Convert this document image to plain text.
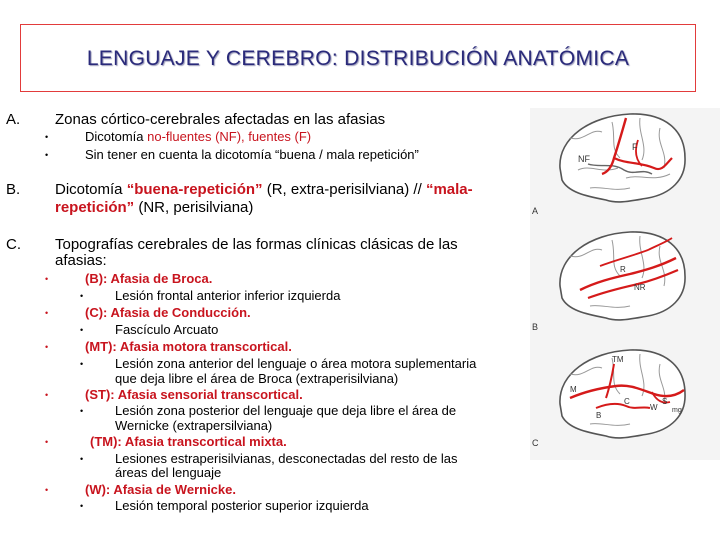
LENGUAJE Y CEREBRO: DISTRIBUCIÓN ANATÓMICA
A. Zonas córtico-cerebrales afectadas en las afasias
•	Dicotomía no-fluentes (NF), fuentes (F)
•	Sin tener en cuenta la dicotomía “buena / mala repetición”
B. Dicotomía “buena-repetición” (R, extra-perisilviana) // “mala-
repetición” (NR, perisilviana)
C. Topografías cerebrales de las formas clínicas clásicas de las
afasias:
•	(B): Afasia de Broca.
• Lesión frontal anterior inferior izquierda
•	(C): Afasia de Conducción.
• Fascículo Arcuato
•	(MT): Afasia motora transcortical.
• Lesión zona anterior del lenguaje o área motora suplementaria
que deja libre el área de Broca (extraperisilviana)
•	(ST): Afasia sensorial transcortical.
• Lesión zona posterior del lenguaje que deja libre el área de
Wernicke (extrapersilviana)
•	(TM): Afasia transcortical mixta.
• Lesiones estraperisilvianas, desconectadas del resto de las
áreas del lenguaje
•	(W): Afasia de Wernicke.
• Lesión temporal posterior superior izquierda
NF
F
A
R
NR
B
TM
M
B
C
W
S
mg
C
